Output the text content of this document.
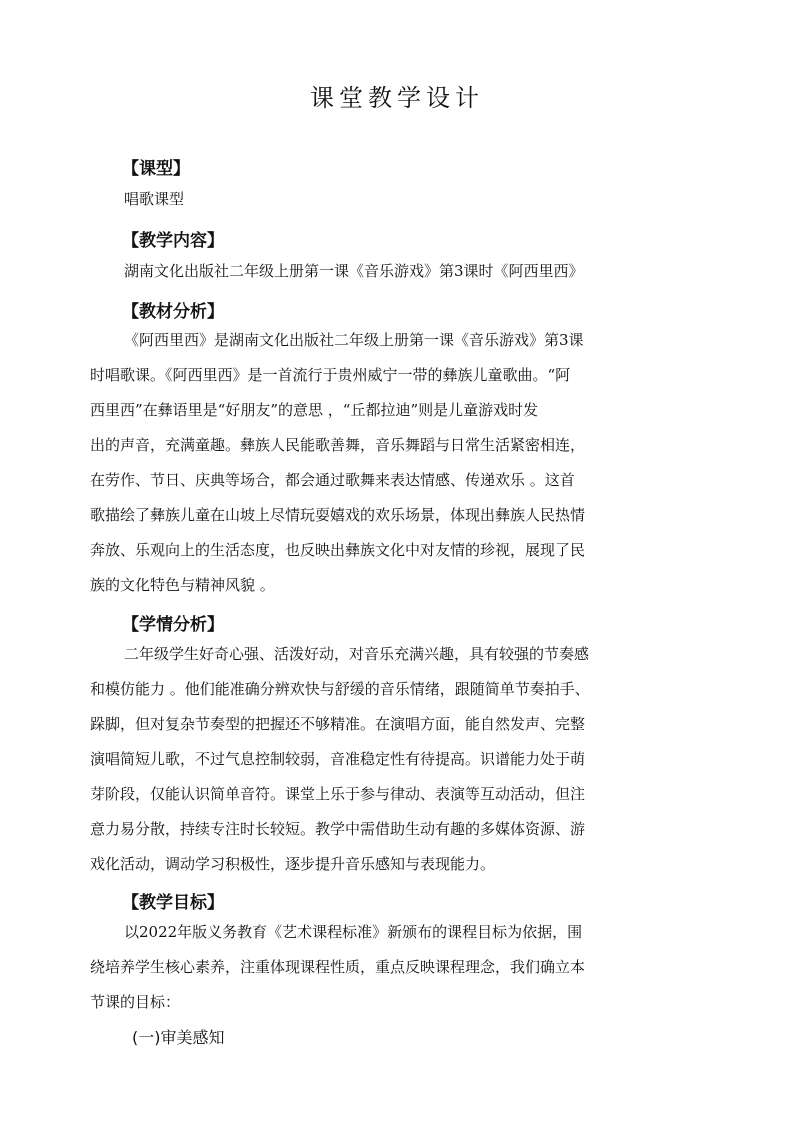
课堂教学设计
【课型】
唱歌课型
【教学内容】
湖南文化出版社二年级上册第一课《音乐游戏》第3课时《阿西里西》
【教材分析】
《阿西里西》是湖南文化出版社二年级上册第一课《音乐游戏》第3课
时唱歌课。《阿西里西》是一首流行于贵州威宁一带的彝族儿童歌曲。“阿
西里西”在彝语里是“好朋友”的意思 ，“丘都拉迪”则是儿童游戏时发
出的声音，充满童趣。彝族人民能歌善舞，音乐舞蹈与日常生活紧密相连，
在劳作、节日、庆典等场合，都会通过歌舞来表达情感、传递欢乐 。这首
歌描绘了彝族儿童在山坡上尽情玩耍嬉戏的欢乐场景，体现出彝族人民热情
奔放、乐观向上的生活态度，也反映出彝族文化中对友情的珍视，展现了民
族的文化特色与精神风貌 。
【学情分析】
二年级学生好奇心强、活泼好动，对音乐充满兴趣，具有较强的节奏感
和模仿能力 。他们能准确分辨欢快与舒缓的音乐情绪，跟随简单节奏拍手、
跺脚，但对复杂节奏型的把握还不够精准。在演唱方面，能自然发声、完整
演唱简短儿歌，不过气息控制较弱，音准稳定性有待提高。识谱能力处于萌
芽阶段，仅能认识简单音符。课堂上乐于参与律动、表演等互动活动，但注
意力易分散，持续专注时长较短。教学中需借助生动有趣的多媒体资源、游
戏化活动，调动学习积极性，逐步提升音乐感知与表现能力。
【教学目标】
以2022年版义务教育《艺术课程标准》新颁布的课程目标为依据，围
绕培养学生核心素养，注重体现课程性质，重点反映课程理念，我们确立本
节课的目标：
(一)审美感知
